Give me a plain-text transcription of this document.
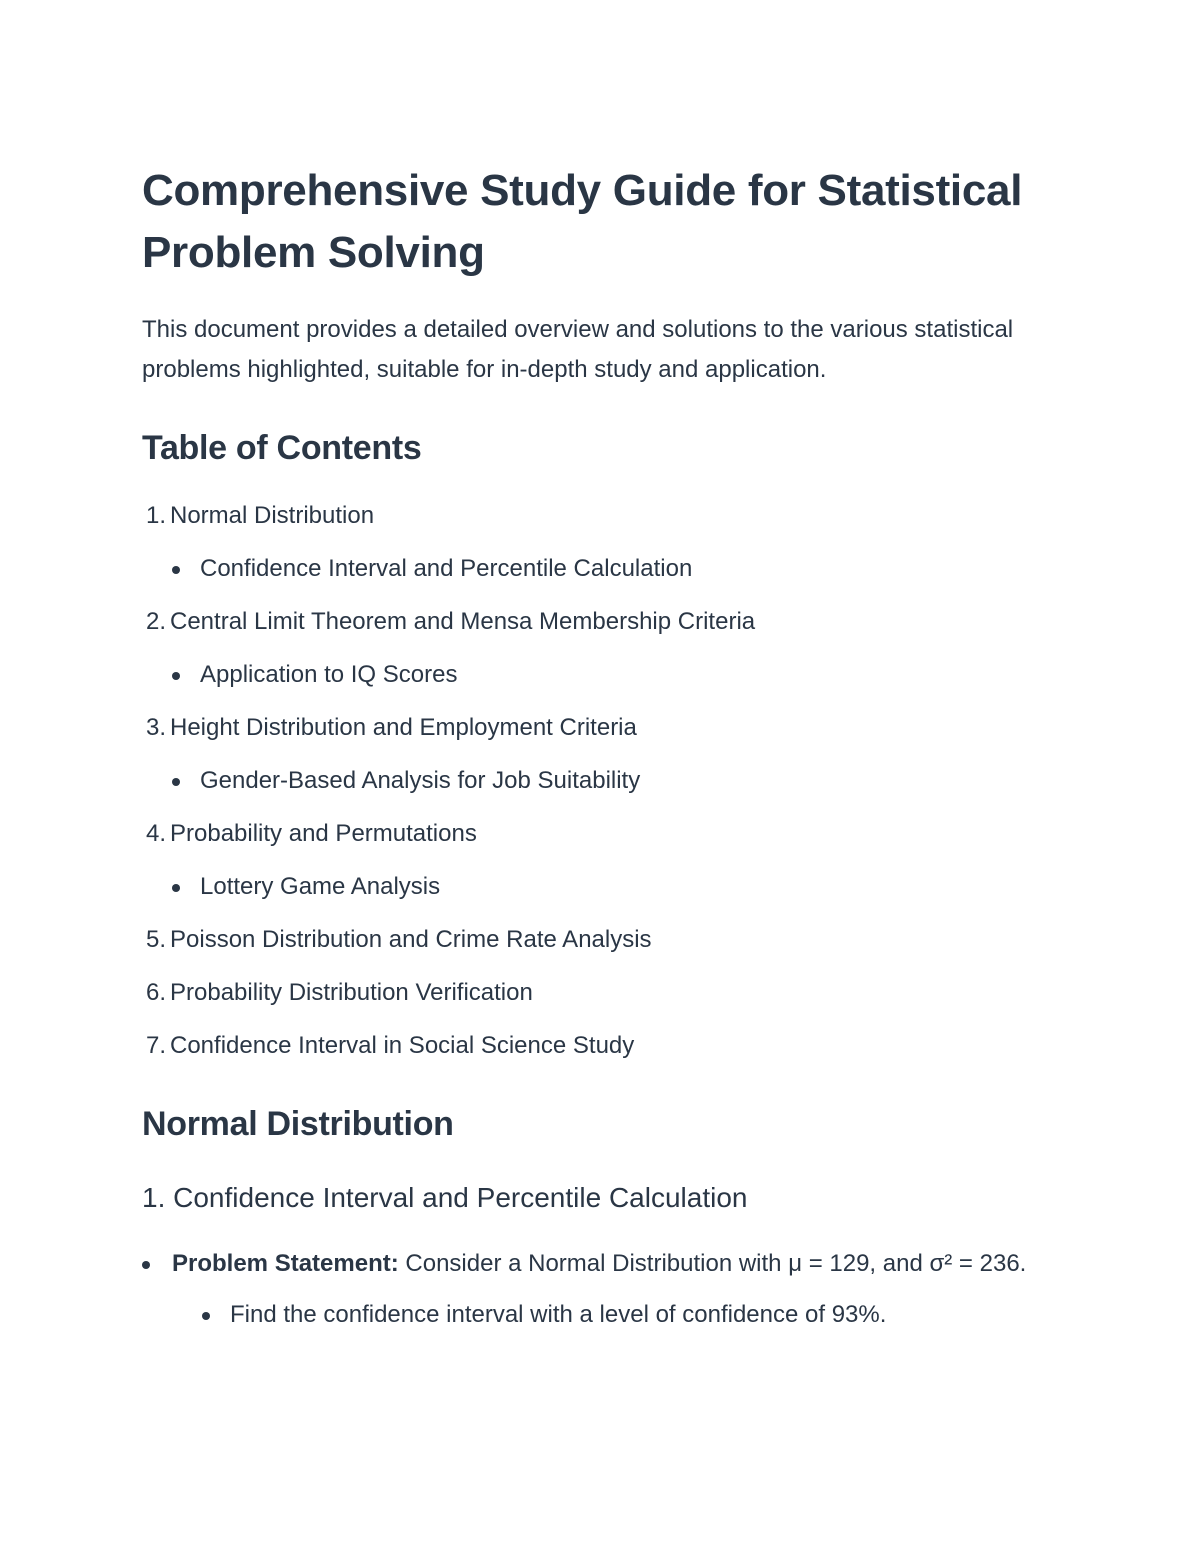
Comprehensive Study Guide for Statistical Problem Solving

This document provides a detailed overview and solutions to the various statistical problems highlighted, suitable for in-depth study and application.

Table of Contents
1. Normal Distribution
Confidence Interval and Percentile Calculation
2. Central Limit Theorem and Mensa Membership Criteria
Application to IQ Scores
3. Height Distribution and Employment Criteria
Gender-Based Analysis for Job Suitability
4. Probability and Permutations
Lottery Game Analysis
5. Poisson Distribution and Crime Rate Analysis
6. Probability Distribution Verification
7. Confidence Interval in Social Science Study
Normal Distribution
1. Confidence Interval and Percentile Calculation
Problem Statement: Consider a Normal Distribution with μ = 129, and σ² = 236.
Find the confidence interval with a level of confidence of 93%.
